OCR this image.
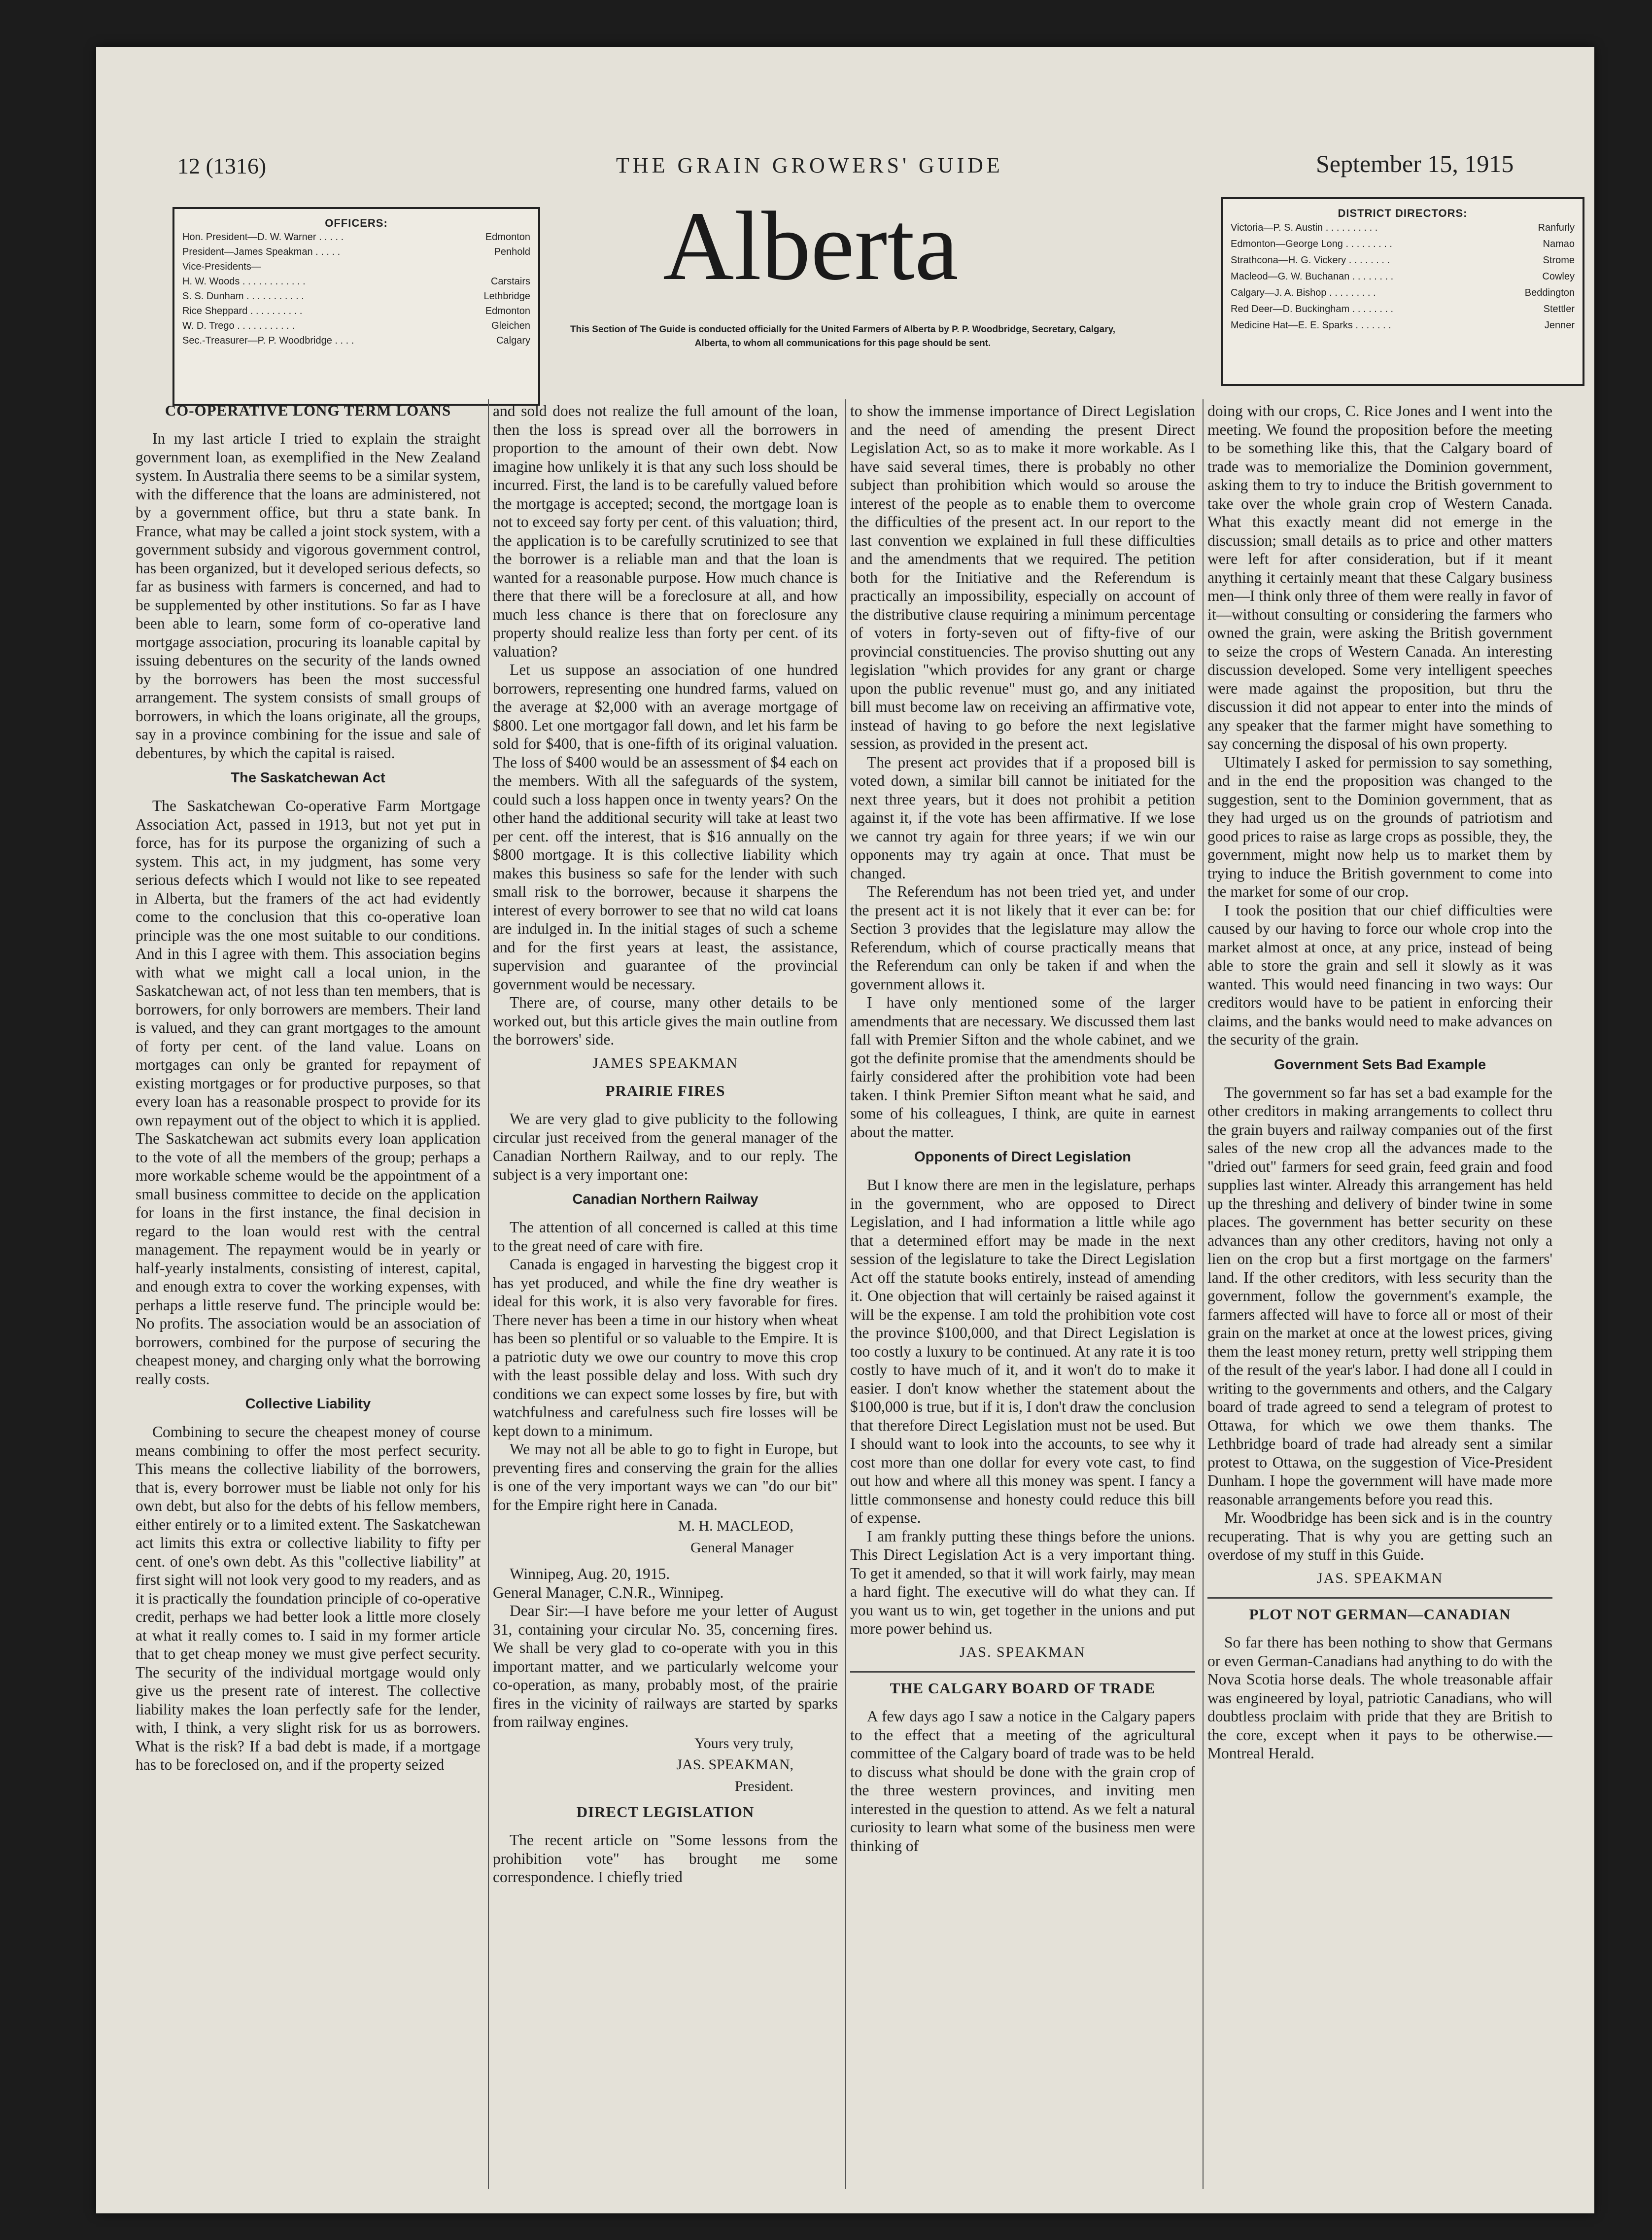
12 (1316)	THE GRAIN GROWERS' GUIDE	September 15, 1915
Alberta
This Section of The Guide is conducted officially for the United Farmers of Alberta by P. P. Woodbridge, Secretary, Calgary, Alberta, to whom all communications for this page should be sent.
OFFICERS:
Hon. President—D. W. Warner . . . . .	Edmonton
President—James Speakman . . . . .	Penhold
Vice-Presidents—
H. W. Woods . . . . . . . . . . . .	Carstairs
S. S. Dunham . . . . . . . . . . .	Lethbridge
Rice Sheppard . . . . . . . . . .	Edmonton
W. D. Trego . . . . . . . . . . .	Gleichen
Sec.-Treasurer—P. P. Woodbridge . . . .	Calgary
DISTRICT DIRECTORS:
Victoria—P. S. Austin . . . . . . . . . .	Ranfurly
Edmonton—George Long . . . . . . . . .	Namao
Strathcona—H. G. Vickery . . . . . . . .	Strome
Macleod—G. W. Buchanan . . . . . . . .	Cowley
Calgary—J. A. Bishop . . . . . . . . .	Beddington
Red Deer—D. Buckingham . . . . . . . .	Stettler
Medicine Hat—E. E. Sparks . . . . . . .	Jenner
CO-OPERATIVE LONG TERM LOANS

In my last article I tried to explain the straight government loan, as exemplified in the New Zealand system. In Australia there seems to be a similar system, with the difference that the loans are administered, not by a government office, but thru a state bank. In France, what may be called a joint stock system, with a government subsidy and vigorous government control, has been organized, but it developed serious defects, so far as business with farmers is concerned, and had to be supplemented by other institutions. So far as I have been able to learn, some form of co-operative land mortgage association, procuring its loanable capital by issuing debentures on the security of the lands owned by the borrowers has been the most successful arrangement. The system consists of small groups of borrowers, in which the loans originate, all the groups, say in a province combining for the issue and sale of debentures, by which the capital is raised.

The Saskatchewan Act

The Saskatchewan Co-operative Farm Mortgage Association Act, passed in 1913, but not yet put in force, has for its purpose the organizing of such a system. This act, in my judgment, has some very serious defects which I would not like to see repeated in Alberta, but the framers of the act had evidently come to the conclusion that this co-operative loan principle was the one most suitable to our conditions. And in this I agree with them. This association begins with what we might call a local union, in the Saskatchewan act, of not less than ten members, that is borrowers, for only borrowers are members. Their land is valued, and they can grant mortgages to the amount of forty per cent. of the land value. Loans on mortgages can only be granted for repayment of existing mortgages or for productive purposes, so that every loan has a reasonable prospect to provide for its own repayment out of the object to which it is applied. The Saskatchewan act submits every loan application to the vote of all the members of the group; perhaps a more workable scheme would be the appointment of a small business committee to decide on the application for loans in the first instance, the final decision in regard to the loan would rest with the central management. The repayment would be in yearly or half-yearly instalments, consisting of interest, capital, and enough extra to cover the working expenses, with perhaps a little reserve fund. The principle would be: No profits. The association would be an association of borrowers, combined for the purpose of securing the cheapest money, and charging only what the borrowing really costs.

Collective Liability

Combining to secure the cheapest money of course means combining to offer the most perfect security. This means the collective liability of the borrowers, that is, every borrower must be liable not only for his own debt, but also for the debts of his fellow members, either entirely or to a limited extent. The Saskatchewan act limits this extra or collective liability to fifty per cent. of one's own debt. As this "collective liability" at first sight will not look very good to my readers, and as it is practically the foundation principle of co-operative credit, perhaps we had better look a little more closely at what it really comes to. I said in my former article that to get cheap money we must give perfect security. The security of the individual mortgage would only give us the present rate of interest. The collective liability makes the loan perfectly safe for the lender, with, I think, a very slight risk for us as borrowers. What is the risk? If a bad debt is made, if a mortgage has to be foreclosed on, and if the property seized

and sold does not realize the full amount of the loan, then the loss is spread over all the borrowers in proportion to the amount of their own debt. Now imagine how unlikely it is that any such loss should be incurred. First, the land is to be carefully valued before the mortgage is accepted; second, the mortgage loan is not to exceed say forty per cent. of this valuation; third, the application is to be carefully scrutinized to see that the borrower is a reliable man and that the loan is wanted for a reasonable purpose. How much chance is there that there will be a foreclosure at all, and how much less chance is there that on foreclosure any property should realize less than forty per cent. of its valuation?

Let us suppose an association of one hundred borrowers, representing one hundred farms, valued on the average at $2,000 with an average mortgage of $800. Let one mortgagor fall down, and let his farm be sold for $400, that is one-fifth of its original valuation. The loss of $400 would be an assessment of $4 each on the members. With all the safeguards of the system, could such a loss happen once in twenty years? On the other hand the additional security will take at least two per cent. off the interest, that is $16 annually on the $800 mortgage. It is this collective liability which makes this business so safe for the lender with such small risk to the borrower, because it sharpens the interest of every borrower to see that no wild cat loans are indulged in. In the initial stages of such a scheme and for the first years at least, the assistance, supervision and guarantee of the provincial government would be necessary.

There are, of course, many other details to be worked out, but this article gives the main outline from the borrowers' side.

JAMES SPEAKMAN
PRAIRIE FIRES

We are very glad to give publicity to the following circular just received from the general manager of the Canadian Northern Railway, and to our reply. The subject is a very important one:

Canadian Northern Railway

The attention of all concerned is called at this time to the great need of care with fire.

Canada is engaged in harvesting the biggest crop it has yet produced, and while the fine dry weather is ideal for this work, it is also very favorable for fires. There never has been a time in our history when wheat has been so plentiful or so valuable to the Empire. It is a patriotic duty we owe our country to move this crop with the least possible delay and loss. With such dry conditions we can expect some losses by fire, but with watchfulness and carefulness such fire losses will be kept down to a minimum.

We may not all be able to go to fight in Europe, but preventing fires and conserving the grain for the allies is one of the very important ways we can "do our bit" for the Empire right here in Canada.

M. H. MACLEOD,
General Manager

Winnipeg, Aug. 20, 1915.

General Manager, C.N.R., Winnipeg.

Dear Sir:—I have before me your letter of August 31, containing your circular No. 35, concerning fires. We shall be very glad to co-operate with you in this important matter, and we particularly welcome your co-operation, as many, probably most, of the prairie fires in the vicinity of railways are started by sparks from railway engines.

Yours very truly,
JAS. SPEAKMAN,
President.
DIRECT LEGISLATION

The recent article on "Some lessons from the prohibition vote" has brought me some correspondence. I chiefly tried

to show the immense importance of Direct Legislation and the need of amending the present Direct Legislation Act, so as to make it more workable. As I have said several times, there is probably no other subject than prohibition which would so arouse the interest of the people as to enable them to overcome the difficulties of the present act. In our report to the last convention we explained in full these difficulties and the amendments that we required. The petition both for the Initiative and the Referendum is practically an impossibility, especially on account of the distributive clause requiring a minimum percentage of voters in forty-seven out of fifty-five of our provincial constituencies. The proviso shutting out any legislation "which provides for any grant or charge upon the public revenue" must go, and any initiated bill must become law on receiving an affirmative vote, instead of having to go before the next legislative session, as provided in the present act.

The present act provides that if a proposed bill is voted down, a similar bill cannot be initiated for the next three years, but it does not prohibit a petition against it, if the vote has been affirmative. If we lose we cannot try again for three years; if we win our opponents may try again at once. That must be changed.

The Referendum has not been tried yet, and under the present act it is not likely that it ever can be: for Section 3 provides that the legislature may allow the Referendum, which of course practically means that the Referendum can only be taken if and when the government allows it.

I have only mentioned some of the larger amendments that are necessary. We discussed them last fall with Premier Sifton and the whole cabinet, and we got the definite promise that the amendments should be fairly considered after the prohibition vote had been taken. I think Premier Sifton meant what he said, and some of his colleagues, I think, are quite in earnest about the matter.

Opponents of Direct Legislation

But I know there are men in the legislature, perhaps in the government, who are opposed to Direct Legislation, and I had information a little while ago that a determined effort may be made in the next session of the legislature to take the Direct Legislation Act off the statute books entirely, instead of amending it. One objection that will certainly be raised against it will be the expense. I am told the prohibition vote cost the province $100,000, and that Direct Legislation is too costly a luxury to be continued. At any rate it is too costly to have much of it, and it won't do to make it easier. I don't know whether the statement about the $100,000 is true, but if it is, I don't draw the conclusion that therefore Direct Legislation must not be used. But I should want to look into the accounts, to see why it cost more than one dollar for every vote cast, to find out how and where all this money was spent. I fancy a little commonsense and honesty could reduce this bill of expense.

I am frankly putting these things before the unions. This Direct Legislation Act is a very important thing. To get it amended, so that it will work fairly, may mean a hard fight. The executive will do what they can. If you want us to win, get together in the unions and put more power behind us.

JAS. SPEAKMAN
THE CALGARY BOARD OF TRADE

A few days ago I saw a notice in the Calgary papers to the effect that a meeting of the agricultural committee of the Calgary board of trade was to be held to discuss what should be done with the grain crop of the three western provinces, and inviting men interested in the question to attend. As we felt a natural curiosity to learn what some of the business men were thinking of

doing with our crops, C. Rice Jones and I went into the meeting. We found the proposition before the meeting to be something like this, that the Calgary board of trade was to memorialize the Dominion government, asking them to try to induce the British government to take over the whole grain crop of Western Canada. What this exactly meant did not emerge in the discussion; small details as to price and other matters were left for after consideration, but if it meant anything it certainly meant that these Calgary business men—I think only three of them were really in favor of it—without consulting or considering the farmers who owned the grain, were asking the British government to seize the crops of Western Canada. An interesting discussion developed. Some very intelligent speeches were made against the proposition, but thru the discussion it did not appear to enter into the minds of any speaker that the farmer might have something to say concerning the disposal of his own property.

Ultimately I asked for permission to say something, and in the end the proposition was changed to the suggestion, sent to the Dominion government, that as they had urged us on the grounds of patriotism and good prices to raise as large crops as possible, they, the government, might now help us to market them by trying to induce the British government to come into the market for some of our crop.

I took the position that our chief difficulties were caused by our having to force our whole crop into the market almost at once, at any price, instead of being able to store the grain and sell it slowly as it was wanted. This would need financing in two ways: Our creditors would have to be patient in enforcing their claims, and the banks would need to make advances on the security of the grain.

Government Sets Bad Example

The government so far has set a bad example for the other creditors in making arrangements to collect thru the grain buyers and railway companies out of the first sales of the new crop all the advances made to the "dried out" farmers for seed grain, feed grain and food supplies last winter. Already this arrangement has held up the threshing and delivery of binder twine in some places. The government has better security on these advances than any other creditors, having not only a lien on the crop but a first mortgage on the farmers' land. If the other creditors, with less security than the government, follow the government's example, the farmers affected will have to force all or most of their grain on the market at once at the lowest prices, giving them the least money return, pretty well stripping them of the result of the year's labor. I had done all I could in writing to the governments and others, and the Calgary board of trade agreed to send a telegram of protest to Ottawa, for which we owe them thanks. The Lethbridge board of trade had already sent a similar protest to Ottawa, on the suggestion of Vice-President Dunham. I hope the government will have made more reasonable arrangements before you read this.

Mr. Woodbridge has been sick and is in the country recuperating. That is why you are getting such an overdose of my stuff in this Guide.

JAS. SPEAKMAN
PLOT NOT GERMAN—CANADIAN

So far there has been nothing to show that Germans or even German-Canadians had anything to do with the Nova Scotia horse deals. The whole treasonable affair was engineered by loyal, patriotic Canadians, who will doubtless proclaim with pride that they are British to the core, except when it pays to be otherwise.—Montreal Herald.
